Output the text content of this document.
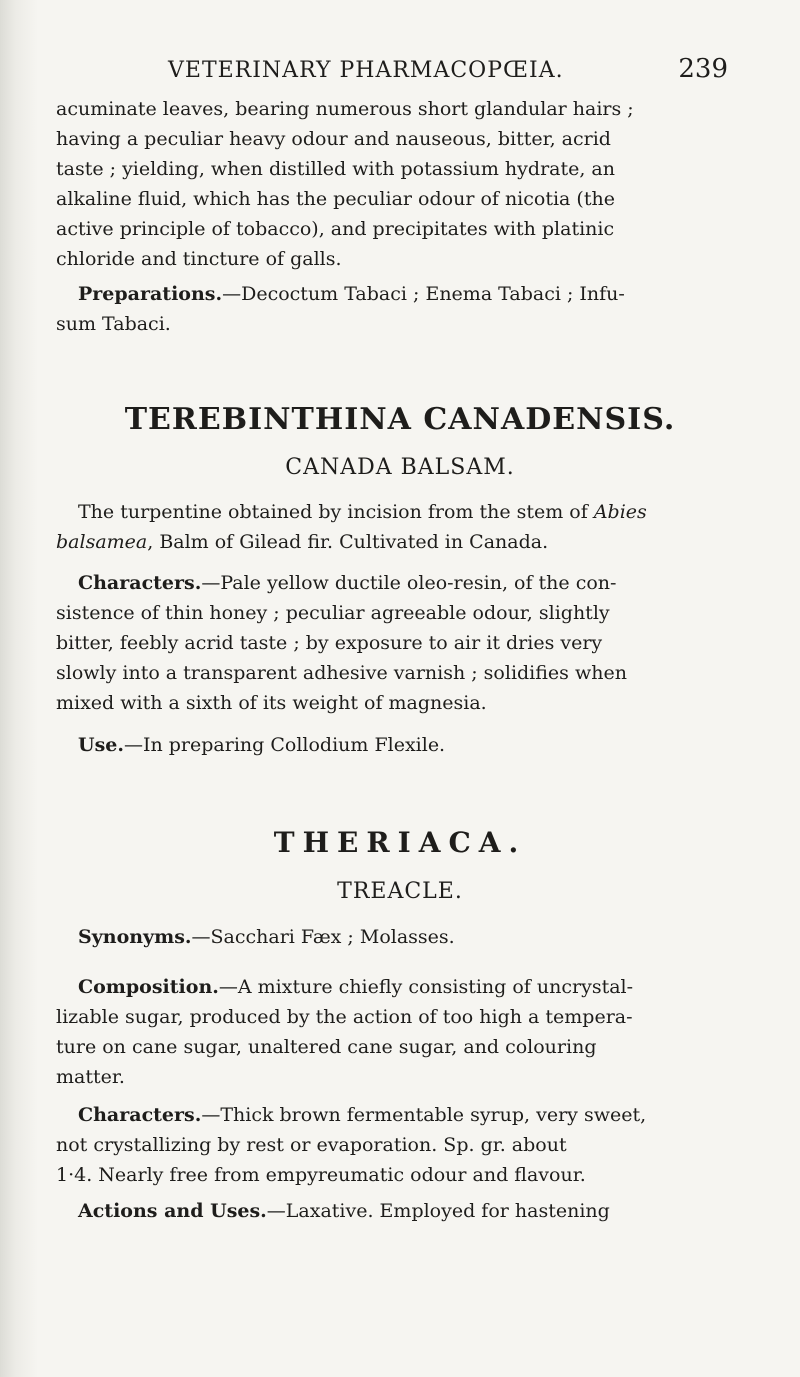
VETERINARY PHARMACOPŒIA.	239

acuminate leaves, bearing numerous short glandular hairs ;
having a peculiar heavy odour and nauseous, bitter, acrid
taste ; yielding, when distilled with potassium hydrate, an
alkaline fluid, which has the peculiar odour of nicotia (the
active principle of tobacco), and precipitates with platinic
chloride and tincture of galls.

Preparations.—Decoctum Tabaci ; Enema Tabaci ; Infu-
sum Tabaci.

TEREBINTHINA CANADENSIS.
CANADA BALSAM.

The turpentine obtained by incision from the stem of Abies balsamea, Balm of Gilead fir. Cultivated in Canada.

Characters.—Pale yellow ductile oleo-resin, of the con-
sistence of thin honey ; peculiar agreeable odour, slightly
bitter, feebly acrid taste ; by exposure to air it dries very
slowly into a transparent adhesive varnish ; solidifies when
mixed with a sixth of its weight of magnesia.

Use.—In preparing Collodium Flexile.

THERIACA.
TREACLE.

Synonyms.—Sacchari Fæx ; Molasses.

Composition.—A mixture chiefly consisting of uncrystal-
lizable sugar, produced by the action of too high a tempera-
ture on cane sugar, unaltered cane sugar, and colouring
matter.

Characters.—Thick brown fermentable syrup, very sweet,
not crystallizing by rest or evaporation. Sp. gr. about
1·4. Nearly free from empyreumatic odour and flavour.

Actions and Uses.—Laxative. Employed for hastening
